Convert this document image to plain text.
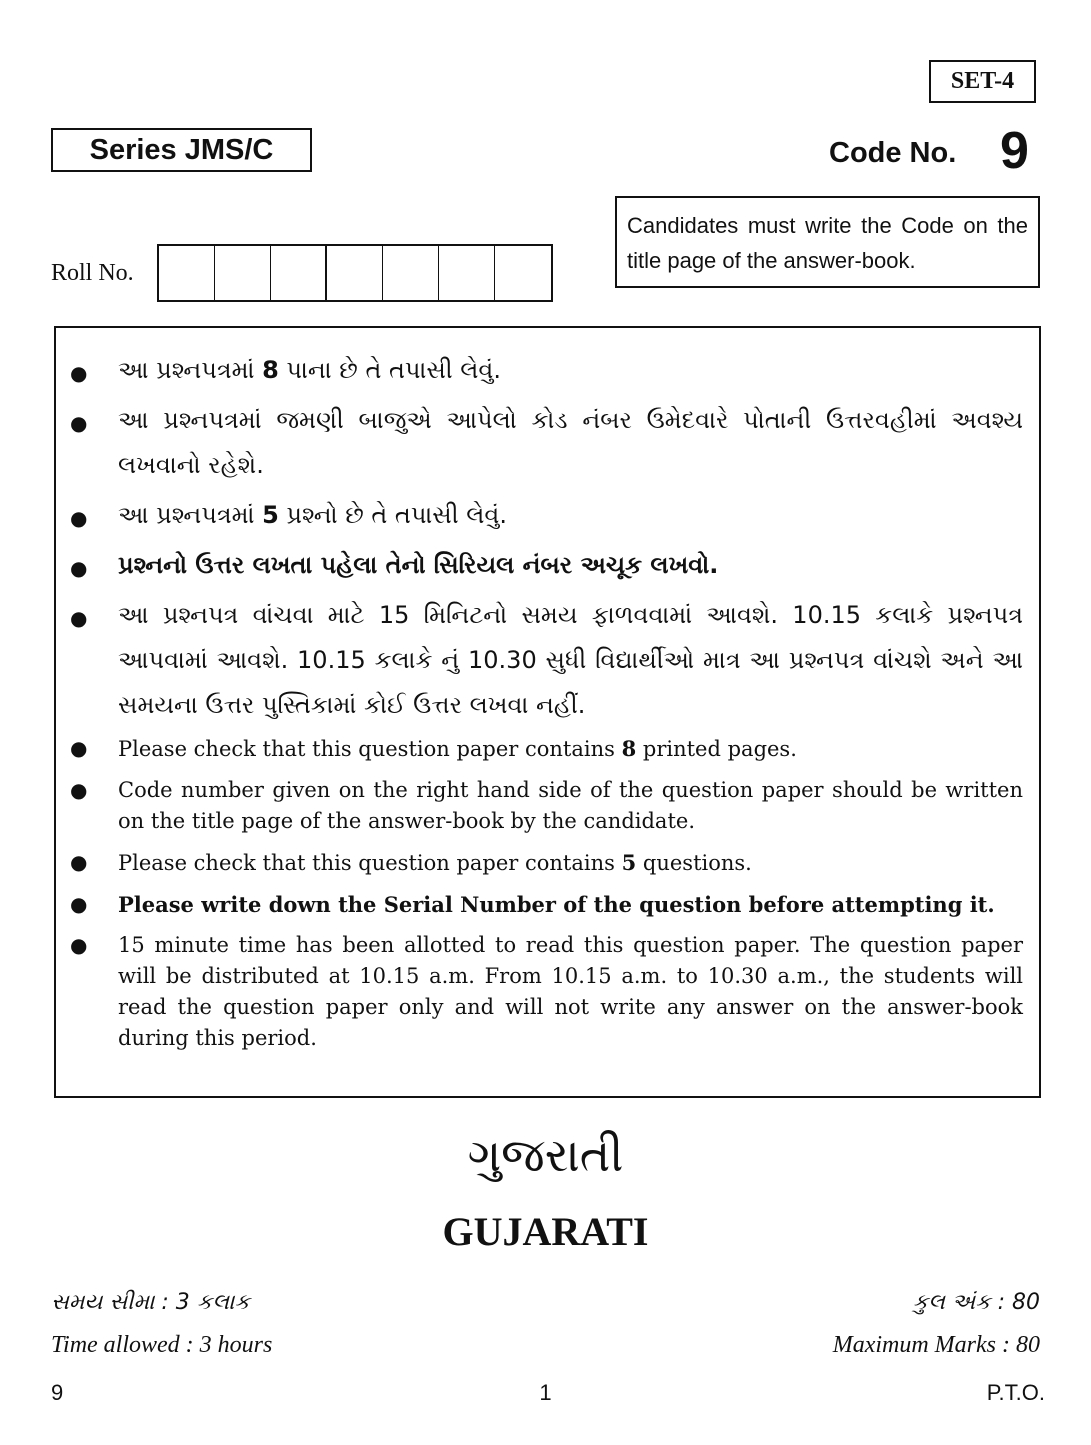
SET-4
Series JMS/C	Code No. 9
Candidates must write the Code on the title page of the answer-book.
Roll No.
● આ પ્રશ્નપત્રમાં 8 પાના છે તે તપાસી લેવું.
● આ પ્રશ્નપત્રમાં જમણી બાજુએ આપેલો કોડ નંબર ઉમેદવારે પોતાની ઉત્તરવહીમાં અવશ્ય લખવાનો રહેશે.
● આ પ્રશ્નપત્રમાં 5 પ્રશ્નો છે તે તપાસી લેવું.
● પ્રશ્નનો ઉત્તર લખતા પહેલા તેનો સિરિયલ નંબર અચૂક લખવો.
● આ પ્રશ્નપત્ર વાંચવા માટે 15 મિનિટનો સમય ફાળવવામાં આવશે. 10.15 કલાકે પ્રશ્નપત્ર આપવામાં આવશે. 10.15 કલાકે નું 10.30 સુધી વિદ્યાર્થીઓ માત્ર આ પ્રશ્નપત્ર વાંચશે અને આ સમયના ઉત્તર પુસ્તિકામાં કોઈ ઉત્તર લખવા નહીં.
● Please check that this question paper contains 8 printed pages.
● Code number given on the right hand side of the question paper should be written on the title page of the answer-book by the candidate.
● Please check that this question paper contains 5 questions.
● Please write down the Serial Number of the question before attempting it.
● 15 minute time has been allotted to read this question paper. The question paper will be distributed at 10.15 a.m. From 10.15 a.m. to 10.30 a.m., the students will read the question paper only and will not write any answer on the answer-book during this period.
ગુજરાતી
GUJARATI
સમય સીમા : 3 કલાક	કુલ અંક : 80
Time allowed : 3 hours	Maximum Marks : 80
9	1	P.T.O.
